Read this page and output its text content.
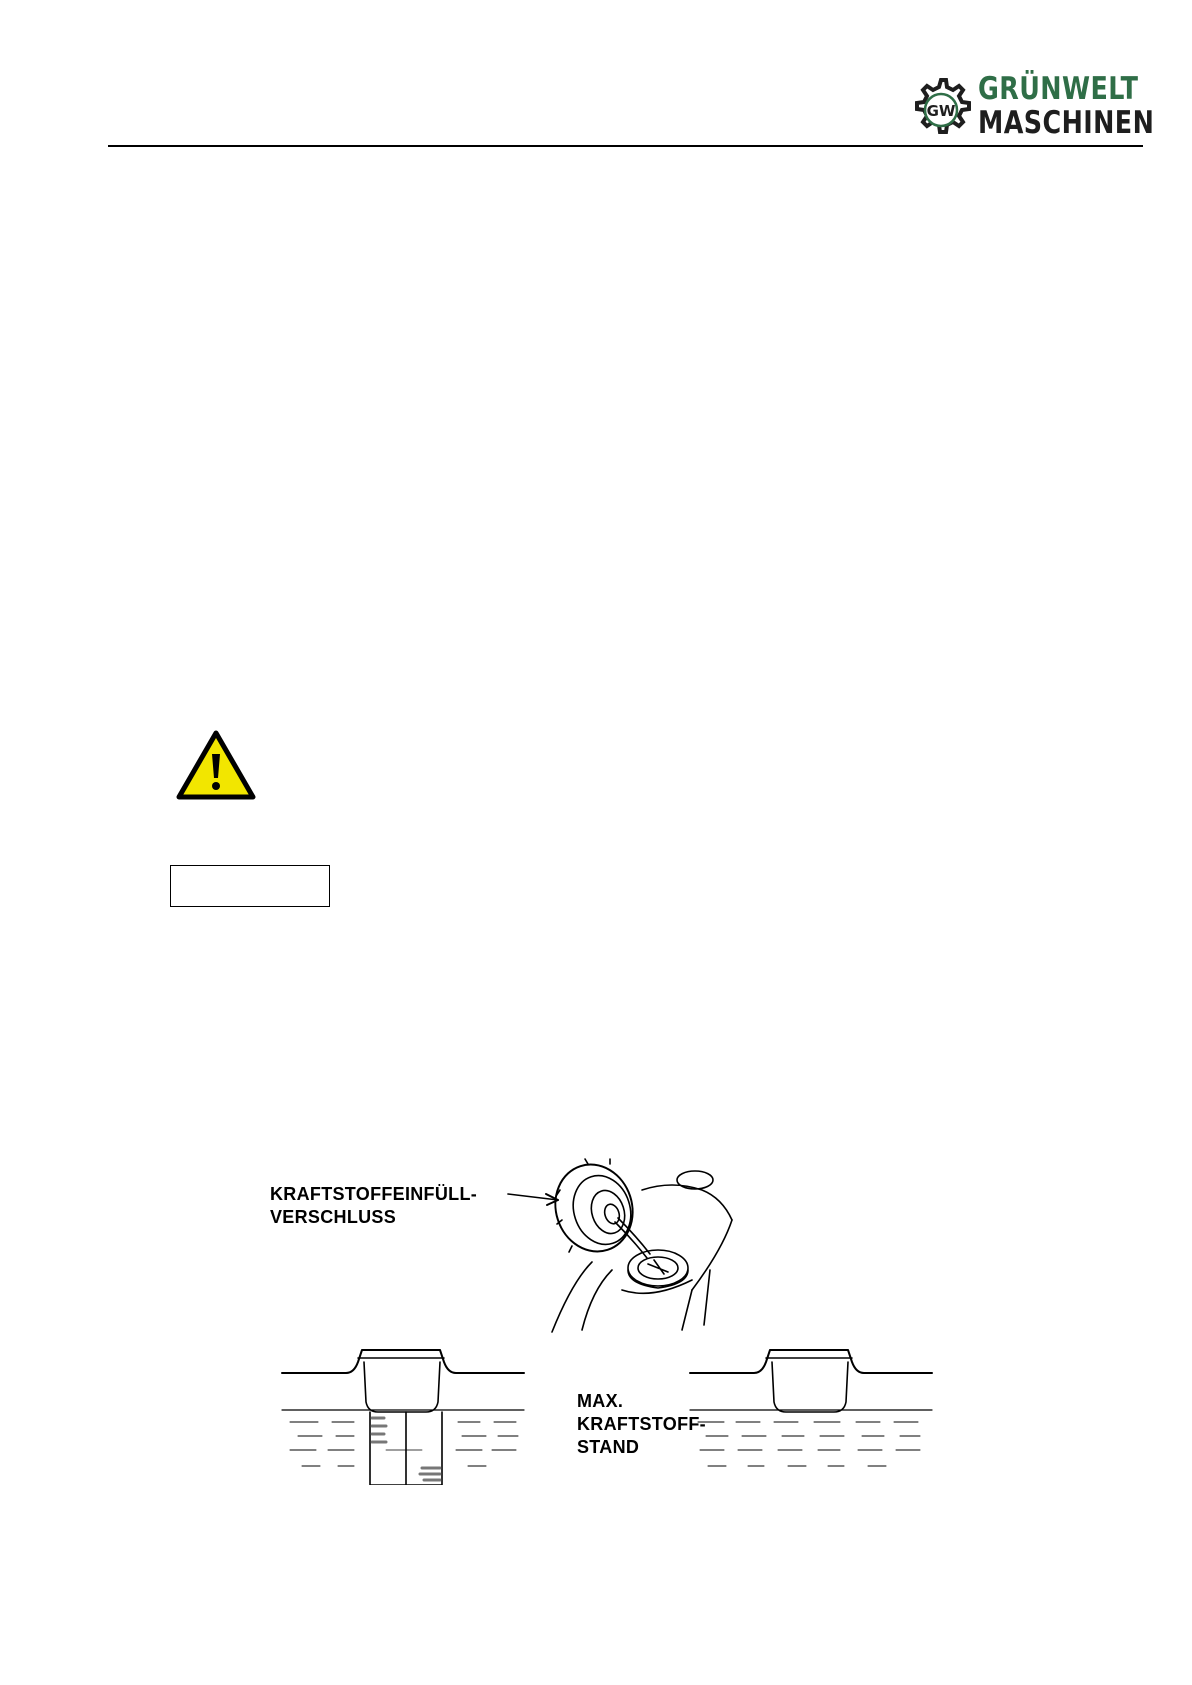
GW
GRÜNWELT
MASCHINEN
KRAFTSTOFFEINFÜLL-
VERSCHLUSS
MAX.
KRAFTSTOFF-
STAND
